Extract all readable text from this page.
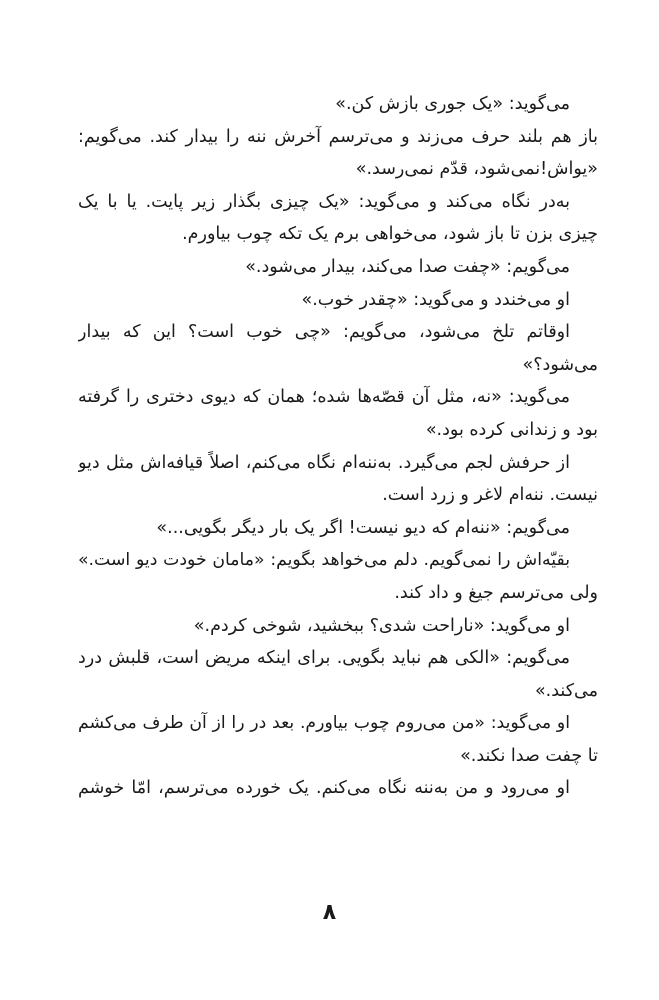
می‌گوید: «یک جوری بازش کن.»
باز هم بلند حرف می‌زند و می‌ترسم آخرش ننه را بیدار کند. می‌گویم:
«یواش!نمی‌شود، قدّم نمی‌رسد.»
به‌در نگاه می‌کند و می‌گوید: «یک چیزی بگذار زیر پایت. یا با یک
چیزی بزن تا باز شود، می‌خواهی برم یک تکه چوب بیاورم.
می‌گویم: «چفت صدا می‌کند، بیدار می‌شود.»
او می‌خندد و می‌گوید: «چقدر خوب.»
اوقاتم تلخ می‌شود، می‌گویم: «چی خوب است؟ این که بیدار
می‌شود؟»
می‌گوید: «نه، مثل آن قصّه‌ها شده؛ همان که دیوی دختری را گرفته
بود و زندانی کرده بود.»
از حرفش لجم می‌گیرد. به‌ننه‌ام نگاه می‌کنم، اصلاً قیافه‌اش مثل دیو
نیست. ننه‌ام لاغر و زرد است.
می‌گویم: «ننه‌ام که دیو نیست! اگر یک بار دیگر بگویی...»
بقیّه‌اش را نمی‌گویم. دلم می‌خواهد بگویم: «مامان خودت دیو است.»
ولی می‌ترسم جیغ و داد کند.
او می‌گوید: «ناراحت شدی؟ ببخشید، شوخی کردم.»
می‌گویم: «الکی هم نباید بگویی. برای اینکه مریض است، قلبش درد
می‌کند.»
او می‌گوید: «من می‌روم چوب بیاورم. بعد در را از آن طرف می‌کشم
تا چفت صدا نکند.»
او می‌رود و من به‌ننه نگاه می‌کنم. یک خورده می‌ترسم، امّا خوشم
۸
